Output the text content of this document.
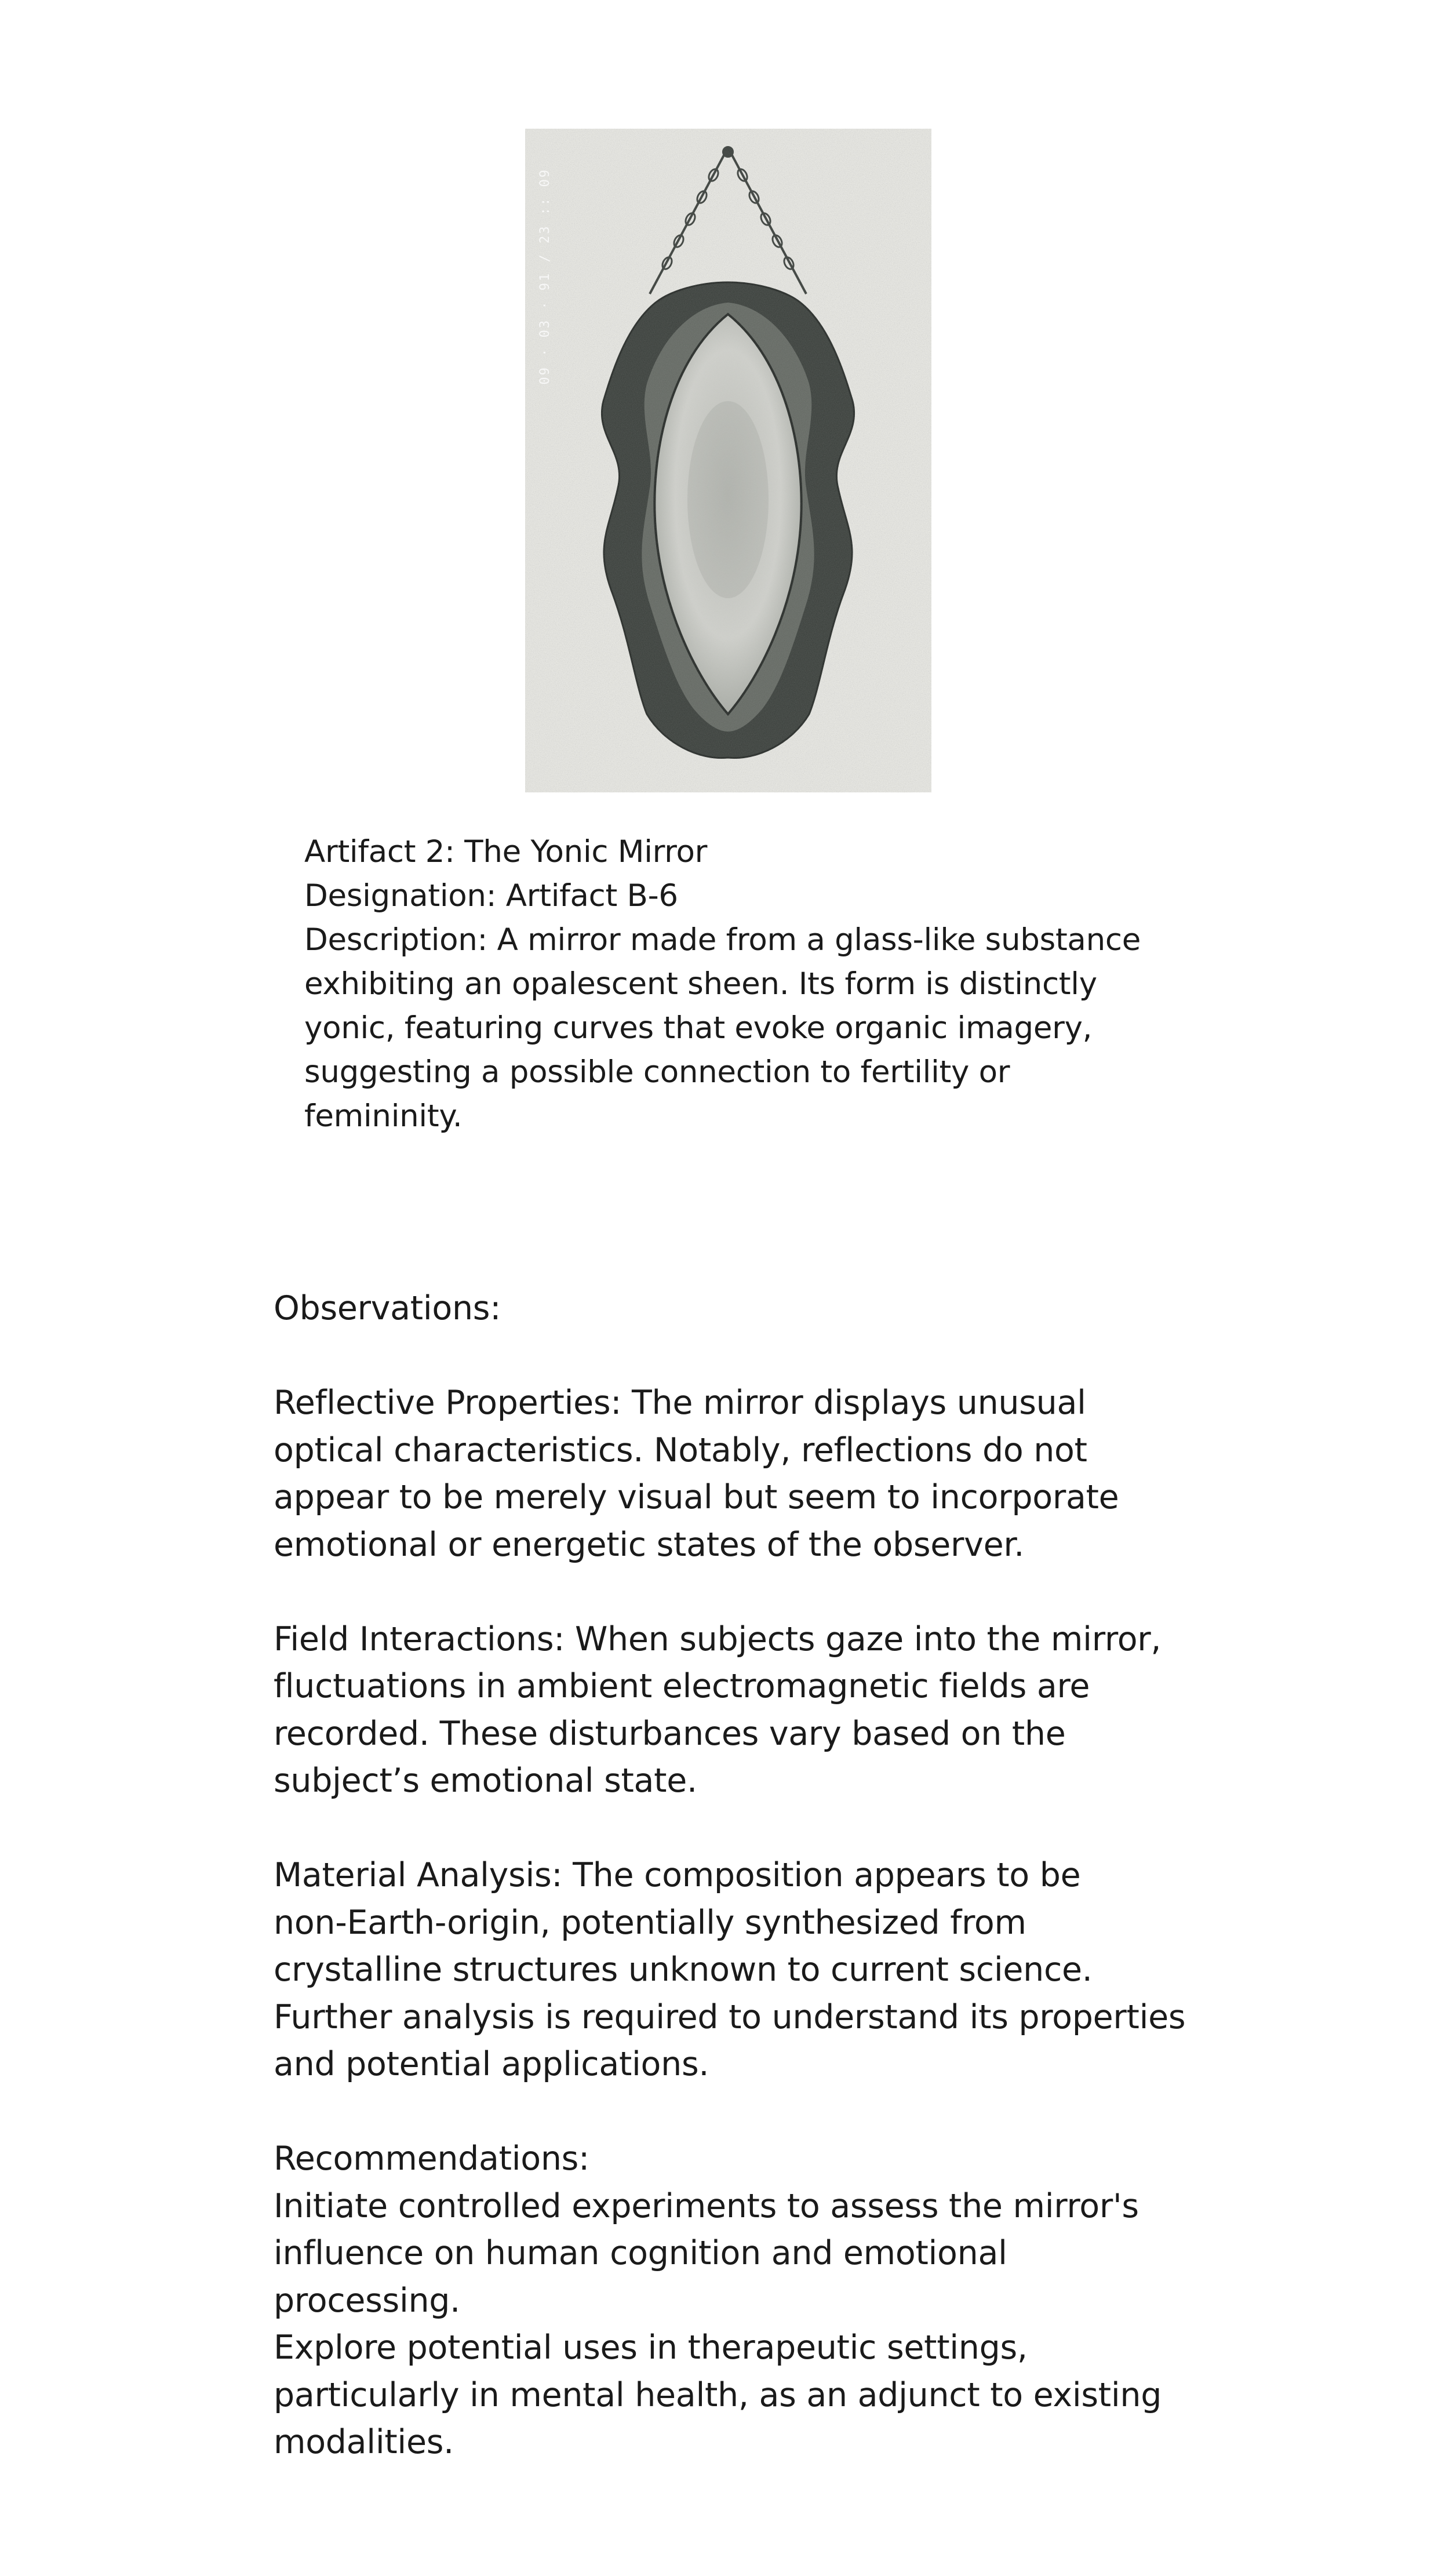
09 · 03 · 91 / 23 :: 09
Artifact 2: The Yonic Mirror
Designation: Artifact B-6
Description: A mirror made from a glass-like substance
exhibiting an opalescent sheen. Its form is distinctly
yonic, featuring curves that evoke organic imagery,
suggesting a possible connection to fertility or
femininity.
Observations:
Reflective Properties: The mirror displays unusual
optical characteristics. Notably, reflections do not
appear to be merely visual but seem to incorporate
emotional or energetic states of the observer.
Field Interactions: When subjects gaze into the mirror,
fluctuations in ambient electromagnetic fields are
recorded. These disturbances vary based on the
subject’s emotional state.
Material Analysis: The composition appears to be
non-Earth-origin, potentially synthesized from
crystalline structures unknown to current science.
Further analysis is required to understand its properties
and potential applications.
Recommendations:
Initiate controlled experiments to assess the mirror's
influence on human cognition and emotional
processing.
Explore potential uses in therapeutic settings,
particularly in mental health, as an adjunct to existing
modalities.
